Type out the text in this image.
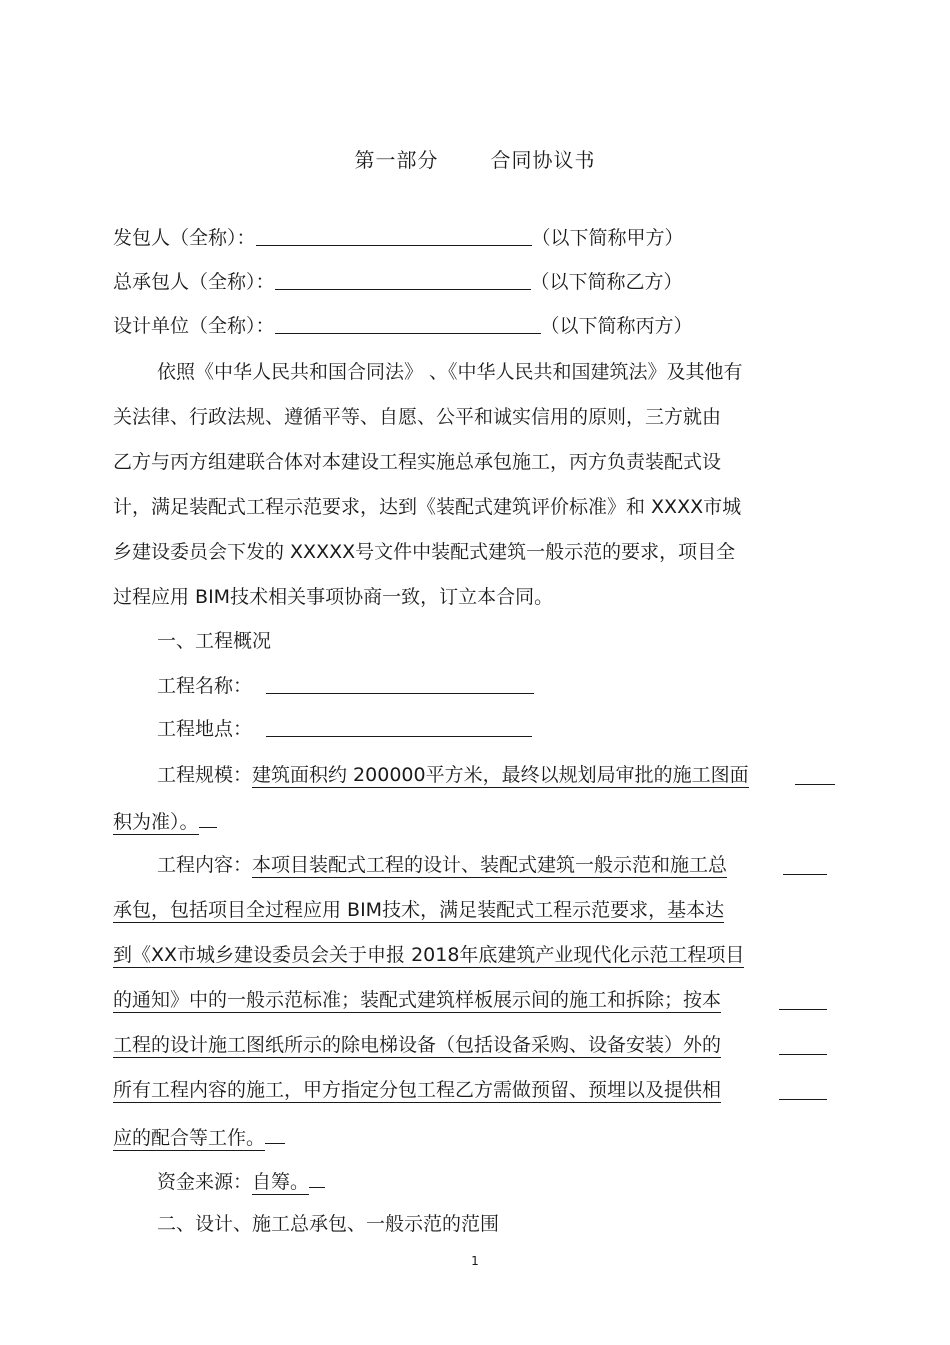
第一部分	合同协议书
发包人（全称）：	（以下简称甲方）
总承包人（全称）：	（以下简称乙方）
设计单位（全称）：	（以下简称丙方）
依照《中华人民共和国合同法》 、《中华人民共和国建筑法》及其他有
关法律、行政法规、遵循平等、自愿、公平和诚实信用的原则，三方就由
乙方与丙方组建联合体对本建设工程实施总承包施工，丙方负责装配式设
计，满足装配式工程示范要求，达到《装配式建筑评价标准》和 XXXX市城
乡建设委员会下发的 XXXXX号文件中装配式建筑一般示范的要求，项目全
过程应用 BIM技术相关事项协商一致，订立本合同。
一、工程概况
工程名称：
工程地点：
工程规模：建筑面积约 200000平方米，最终以规划局审批的施工图面
积为准）。
工程内容：本项目装配式工程的设计、装配式建筑一般示范和施工总
承包，包括项目全过程应用 BIM技术，满足装配式工程示范要求，基本达
到《XX市城乡建设委员会关于申报 2018年底建筑产业现代化示范工程项目
的通知》中的一般示范标准；装配式建筑样板展示间的施工和拆除；按本
工程的设计施工图纸所示的除电梯设备（包括设备采购、设备安装）外的
所有工程内容的施工，甲方指定分包工程乙方需做预留、预埋以及提供相
应的配合等工作。
资金来源：自筹。
二、设计、施工总承包、一般示范的范围
1
